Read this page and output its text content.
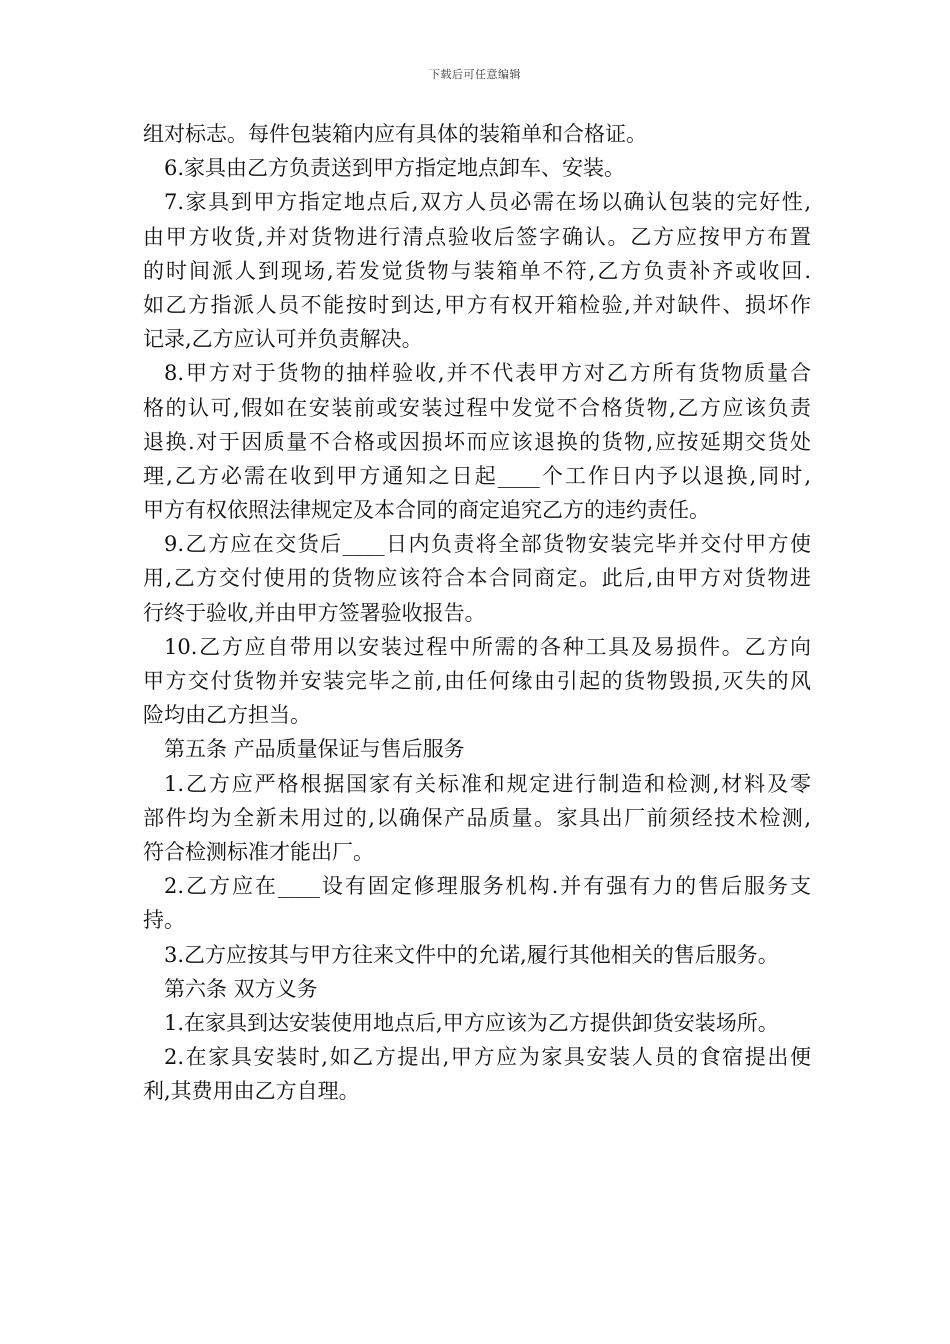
下载后可任意编辑
组对标志。每件包装箱内应有具体的装箱单和合格证。
6.家具由乙方负责送到甲方指定地点卸车、安装。
7.家具到甲方指定地点后,双方人员必需在场以确认包装的完好性,
由甲方收货,并对货物进行清点验收后签字确认。乙方应按甲方布置
的时间派人到现场,若发觉货物与装箱单不符,乙方负责补齐或收回.
如乙方指派人员不能按时到达,甲方有权开箱检验,并对缺件、损坏作
记录,乙方应认可并负责解决。
8.甲方对于货物的抽样验收,并不代表甲方对乙方所有货物质量合
格的认可,假如在安装前或安装过程中发觉不合格货物,乙方应该负责
退换.对于因质量不合格或因损坏而应该退换的货物,应按延期交货处
理,乙方必需在收到甲方通知之日起____个工作日内予以退换,同时,
甲方有权依照法律规定及本合同的商定追究乙方的违约责任。
9.乙方应在交货后____日内负责将全部货物安装完毕并交付甲方使
用,乙方交付使用的货物应该符合本合同商定。此后,由甲方对货物进
行终于验收,并由甲方签署验收报告。
10.乙方应自带用以安装过程中所需的各种工具及易损件。乙方向
甲方交付货物并安装完毕之前,由任何缘由引起的货物毁损,灭失的风
险均由乙方担当。
第五条 产品质量保证与售后服务
1.乙方应严格根据国家有关标准和规定进行制造和检测,材料及零
部件均为全新未用过的,以确保产品质量。家具出厂前须经技术检测,
符合检测标准才能出厂。
2.乙方应在____设有固定修理服务机构.并有强有力的售后服务支
持。
3.乙方应按其与甲方往来文件中的允诺,履行其他相关的售后服务。
第六条 双方义务
1.在家具到达安装使用地点后,甲方应该为乙方提供卸货安装场所。
2.在家具安装时,如乙方提出,甲方应为家具安装人员的食宿提出便
利,其费用由乙方自理。
